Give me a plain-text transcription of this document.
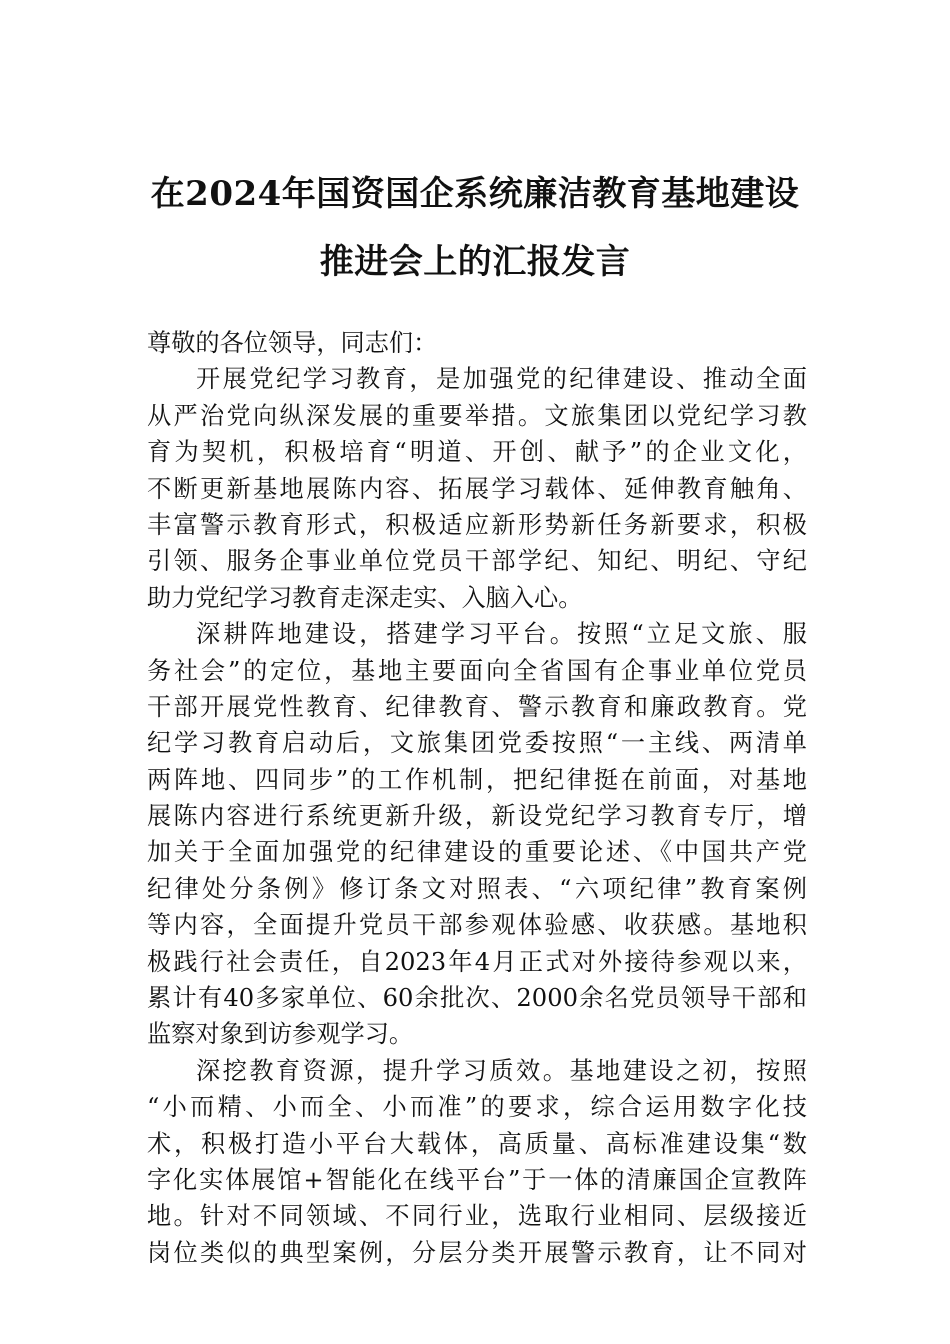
在2024年国资国企系统廉洁教育基地建设
推进会上的汇报发言
尊敬的各位领导，同志们：
开展党纪学习教育，是加强党的纪律建设、推动全面
从严治党向纵深发展的重要举措。文旅集团以党纪学习教
育为契机，积极培育“明道、开创、献予”的企业文化，
不断更新基地展陈内容、拓展学习载体、延伸教育触角、
丰富警示教育形式，积极适应新形势新任务新要求，积极
引领、服务企事业单位党员干部学纪、知纪、明纪、守纪
助力党纪学习教育走深走实、入脑入心。
深耕阵地建设，搭建学习平台。按照“立足文旅、服
务社会”的定位，基地主要面向全省国有企事业单位党员
干部开展党性教育、纪律教育、警示教育和廉政教育。党
纪学习教育启动后，文旅集团党委按照“一主线、两清单
两阵地、四同步”的工作机制，把纪律挺在前面，对基地
展陈内容进行系统更新升级，新设党纪学习教育专厅，增
加关于全面加强党的纪律建设的重要论述、《中国共产党
纪律处分条例》修订条文对照表、“六项纪律”教育案例
等内容，全面提升党员干部参观体验感、收获感。基地积
极践行社会责任，自2023年4月正式对外接待参观以来，
累计有40多家单位、60余批次、2000余名党员领导干部和
监察对象到访参观学习。
深挖教育资源，提升学习质效。基地建设之初，按照
“小而精、小而全、小而准”的要求，综合运用数字化技
术，积极打造小平台大载体，高质量、高标准建设集“数
字化实体展馆+智能化在线平台”于一体的清廉国企宣教阵
地。针对不同领域、不同行业，选取行业相同、层级接近
岗位类似的典型案例，分层分类开展警示教育，让不同对
